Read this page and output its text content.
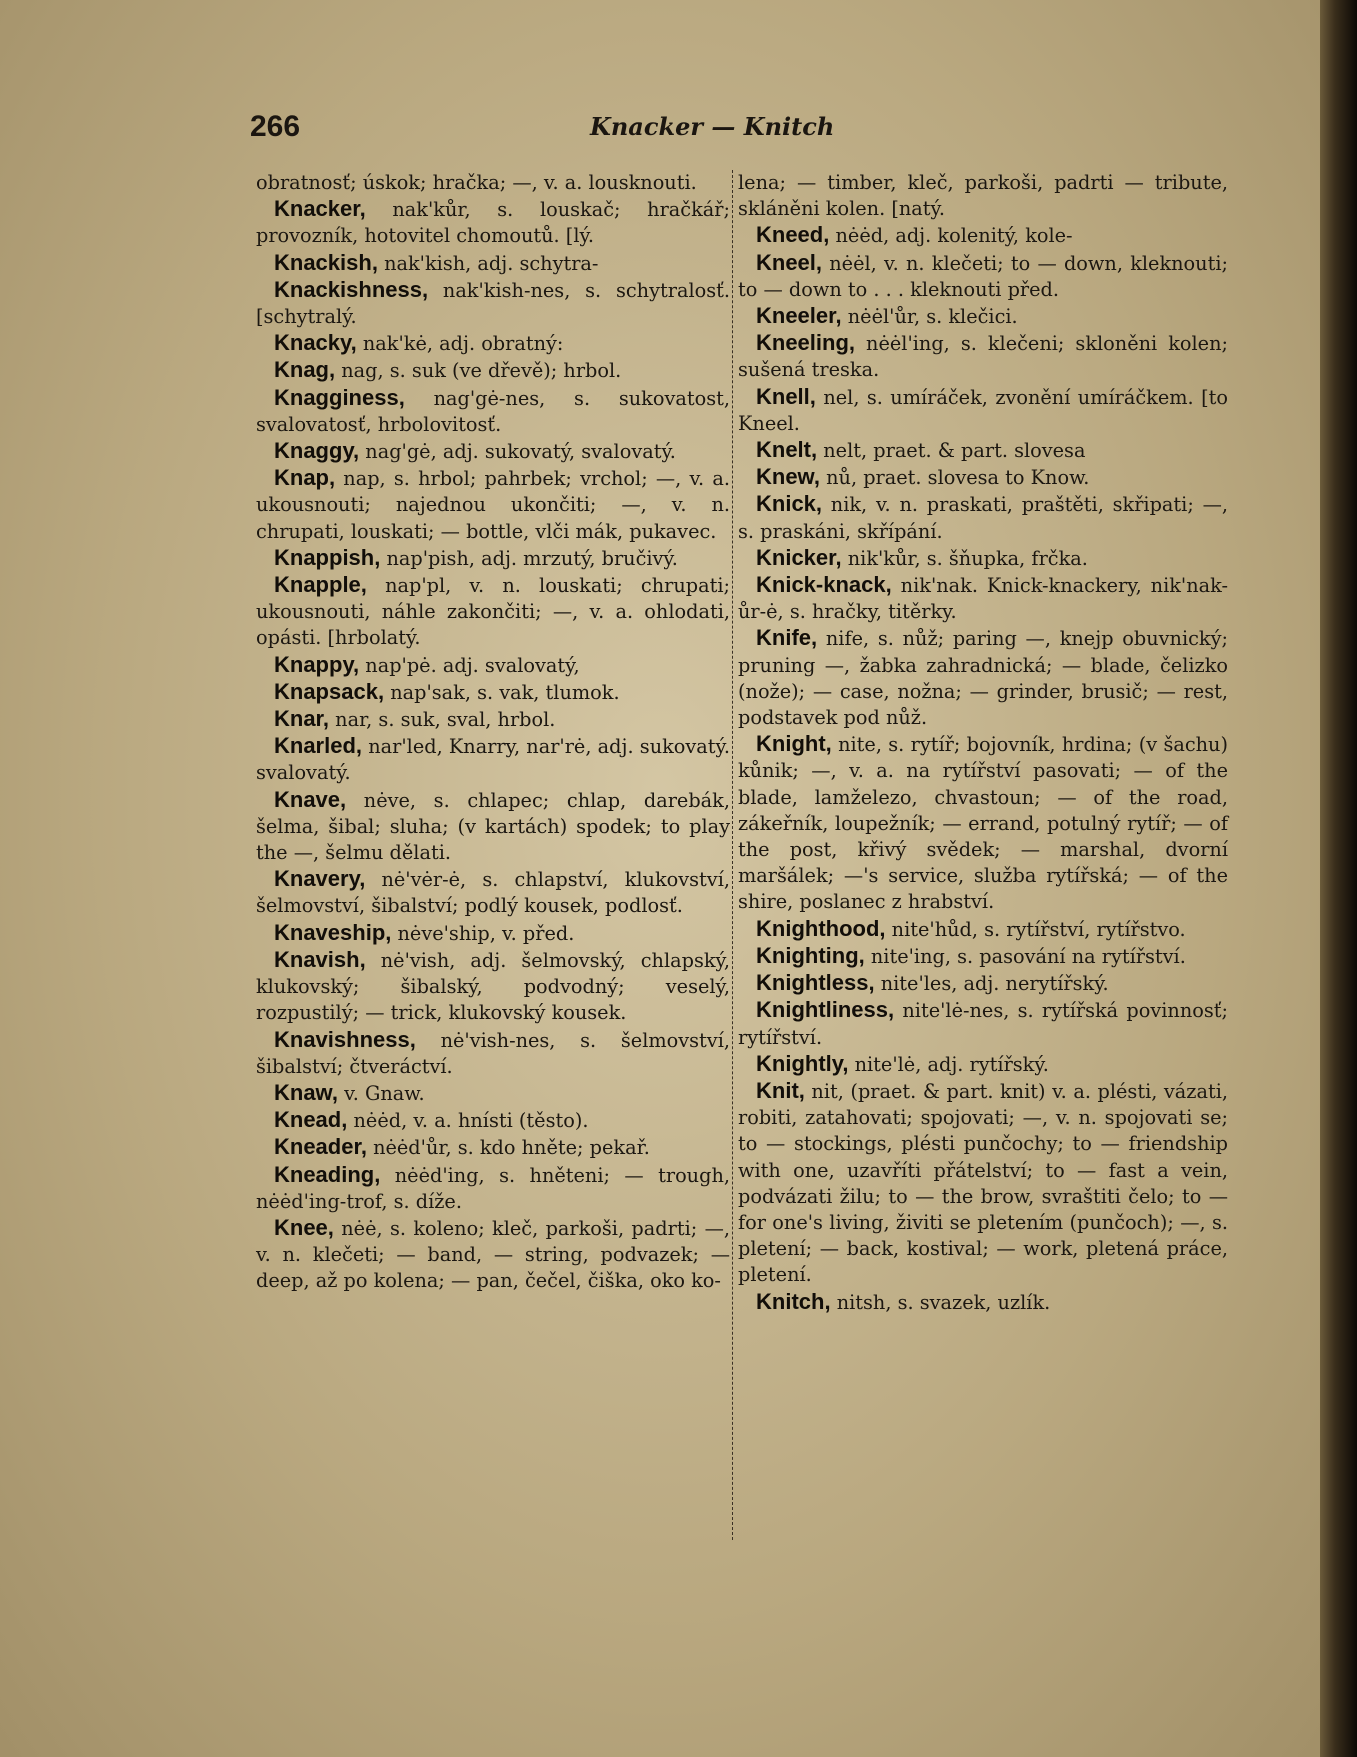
266	Knacker — Knitch
obratnosť; úskok; hračka; —, v. a. lousknouti.
Knacker, nak'kůr, s. louskač; hračkář; provozník, hotovitel chomoutů. [lý.
Knackish, nak'kish, adj. schytra-
Knackishness, nak'kish-nes, s. schytralosť. [schytralý.
Knacky, nak'kė, adj. obratný:
Knag, nag, s. suk (ve dřevě); hrbol.
Knagginess, nag'gė-nes, s. sukovatost, svalovatosť, hrbolovitosť.
Knaggy, nag'gė, adj. sukovatý, svalovatý.
Knap, nap, s. hrbol; pahrbek; vrchol; —, v. a. ukousnouti; najednou ukončiti; —, v. n. chrupati, louskati; — bottle, vlči mák, pukavec.
Knappish, nap'pish, adj. mrzutý, bručivý.
Knapple, nap'pl, v. n. louskati; chrupati; ukousnouti, náhle zakončiti; —, v. a. ohlodati, opásti. [hrbolatý.
Knappy, nap'pė. adj. svalovatý,
Knapsack, nap'sak, s. vak, tlumok.
Knar, nar, s. suk, sval, hrbol.
Knarled, nar'led, Knarry, nar'rė, adj. sukovatý. svalovatý.
Knave, nėve, s. chlapec; chlap, darebák, šelma, šibal; sluha; (v kartách) spodek; to play the —, šelmu dělati.
Knavery, nė'vėr-ė, s. chlapství, klukovství, šelmovství, šibalství; podlý kousek, podlosť.
Knaveship, nėve'ship, v. před.
Knavish, nė'vish, adj. šelmovský, chlapský, klukovský; šibalský, podvodný; veselý, rozpustilý; — trick, klukovský kousek.
Knavishness, nė'vish-nes, s. šelmovství, šibalství; čtveráctví.
Knaw, v. Gnaw.
Knead, nėėd, v. a. hnísti (těsto).
Kneader, nėėd'ůr, s. kdo hněte; pekař.
Kneading, nėėd'ing, s. hněteni; — trough, nėėd'ing-trof, s. díže.
Knee, nėė, s. koleno; kleč, parkoši, padrti; —, v. n. klečeti; — band, — string, podvazek; — deep, až po kolena; — pan, čečel, čiška, oko ko-
lena; — timber, kleč, parkoši, padrti — tribute, skláněni kolen. [natý.
Kneed, nėėd, adj. kolenitý, kole-
Kneel, nėėl, v. n. klečeti; to — down, kleknouti; to — down to . . . kleknouti před.
Kneeler, nėėl'ůr, s. klečici.
Kneeling, nėėl'ing, s. klečeni; skloněni kolen; sušená treska.
Knell, nel, s. umíráček, zvonění umíráčkem. [to Kneel.
Knelt, nelt, praet. & part. slovesa
Knew, nů, praet. slovesa to Know.
Knick, nik, v. n. praskati, praštěti, skřipati; —, s. praskáni, skřípání.
Knicker, nik'kůr, s. šňupka, frčka.
Knick-knack, nik'nak. Knick-knackery, nik'nak-ůr-ė, s. hračky, titěrky.
Knife, nife, s. nůž; paring —, knejp obuvnický; pruning —, žabka zahradnická; — blade, čelizko (nože); — case, nožna; — grinder, brusič; — rest, podstavek pod nůž.
Knight, nite, s. rytíř; bojovník, hrdina; (v šachu) kůnik; —, v. a. na rytířství pasovati; — of the blade, lamželezo, chvastoun; — of the road, zákeřník, loupežník; — errand, potulný rytíř; — of the post, křivý svědek; — marshal, dvorní maršálek; —'s service, služba rytířská; — of the shire, poslanec z hrabství.
Knighthood, nite'hůd, s. rytířství, rytířstvo.
Knighting, nite'ing, s. pasování na rytířství.
Knightless, nite'les, adj. nerytířský.
Knightliness, nite'lė-nes, s. rytířská povinnosť; rytířství.
Knightly, nite'lė, adj. rytířský.
Knit, nit, (praet. & part. knit) v. a. plésti, vázati, robiti, zatahovati; spojovati; —, v. n. spojovati se; to — stockings, plésti punčochy; to — friendship with one, uzavříti přátelství; to — fast a vein, podvázati žilu; to — the brow, svraštiti čelo; to — for one's living, živiti se pletením (punčoch); —, s. pletení; — back, kostival; — work, pletená práce, pletení.
Knitch, nitsh, s. svazek, uzlík.
